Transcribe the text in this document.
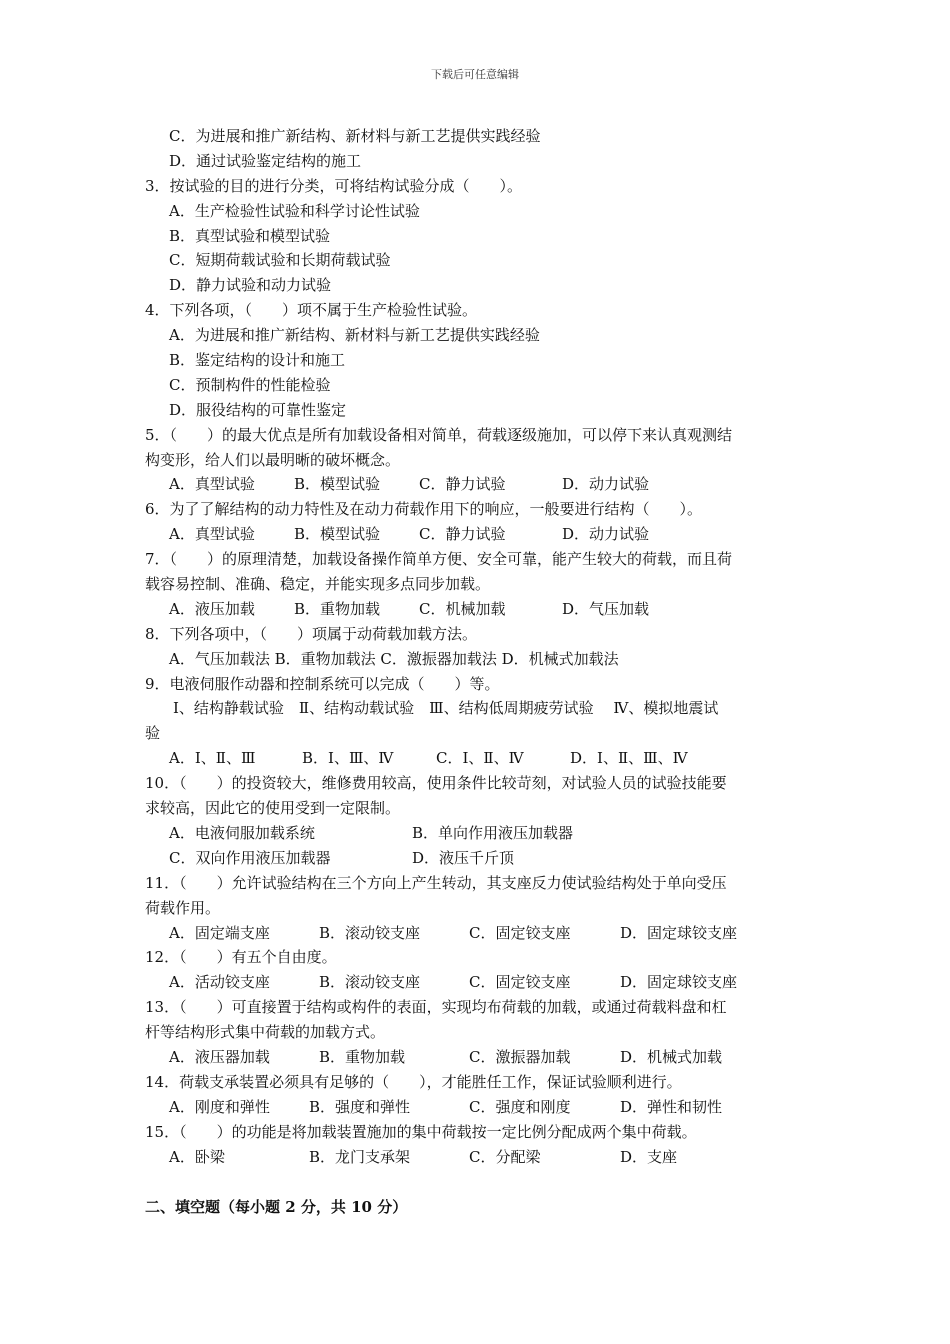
下载后可任意编辑
C．为进展和推广新结构、新材料与新工艺提供实践经验
D．通过试验鉴定结构的施工
3．按试验的目的进行分类，可将结构试验分成（　　）。
A．生产检验性试验和科学讨论性试验
B．真型试验和模型试验
C．短期荷载试验和长期荷载试验
D．静力试验和动力试验
4．下列各项，（　　）项不属于生产检验性试验。
A．为进展和推广新结构、新材料与新工艺提供实践经验
B．鉴定结构的设计和施工
C．预制构件的性能检验
D．服役结构的可靠性鉴定
5．（　　）的最大优点是所有加载设备相对简单，荷载逐级施加，可以停下来认真观测结
构变形，给人们以最明晰的破坏概念。
A．真型试验	B．模型试验	C．静力试验	D．动力试验
6．为了了解结构的动力特性及在动力荷载作用下的响应，一般要进行结构（　　）。
A．真型试验	B．模型试验	C．静力试验	D．动力试验
7．（　　）的原理清楚，加载设备操作简单方便、安全可靠，能产生较大的荷载，而且荷
载容易控制、准确、稳定，并能实现多点同步加载。
A．液压加载	B．重物加载	C．机械加载	D．气压加载
8．下列各项中，（　　）项属于动荷载加载方法。
A．气压加载法 B．重物加载法 C．激振器加载法 D．机械式加载法
9．电液伺服作动器和控制系统可以完成（　　）等。
Ⅰ、结构静载试验　Ⅱ、结构动载试验　Ⅲ、结构低周期疲劳试验　 Ⅳ、模拟地震试
验
A．Ⅰ、Ⅱ、Ⅲ	B．Ⅰ、Ⅲ、Ⅳ	C．Ⅰ、Ⅱ、Ⅳ	D．Ⅰ、Ⅱ、Ⅲ、Ⅳ
10．（　　）的投资较大，维修费用较高，使用条件比较苛刻，对试验人员的试验技能要
求较高，因此它的使用受到一定限制。
A．电液伺服加载系统	B．单向作用液压加载器
C．双向作用液压加载器	D．液压千斤顶
11．（　　）允许试验结构在三个方向上产生转动，其支座反力使试验结构处于单向受压
荷载作用。
A．固定端支座	B．滚动铰支座	C．固定铰支座	D．固定球铰支座
12．（　　）有五个自由度。
A．活动铰支座	B．滚动铰支座	C．固定铰支座	D．固定球铰支座
13．（　　）可直接置于结构或构件的表面，实现均布荷载的加载，或通过荷载料盘和杠
杆等结构形式集中荷载的加载方式。
A．液压器加载	B．重物加载	C．激振器加载	D．机械式加载
14．荷载支承装置必须具有足够的（　　），才能胜任工作，保证试验顺利进行。
A．刚度和弹性	B．强度和弹性	C．强度和刚度	D．弹性和韧性
15．（　　）的功能是将加载装置施加的集中荷载按一定比例分配成两个集中荷载。
A．卧梁	B．龙门支承架	C．分配梁	D．支座
二、填空题（每小题 2 分，共 10 分）
